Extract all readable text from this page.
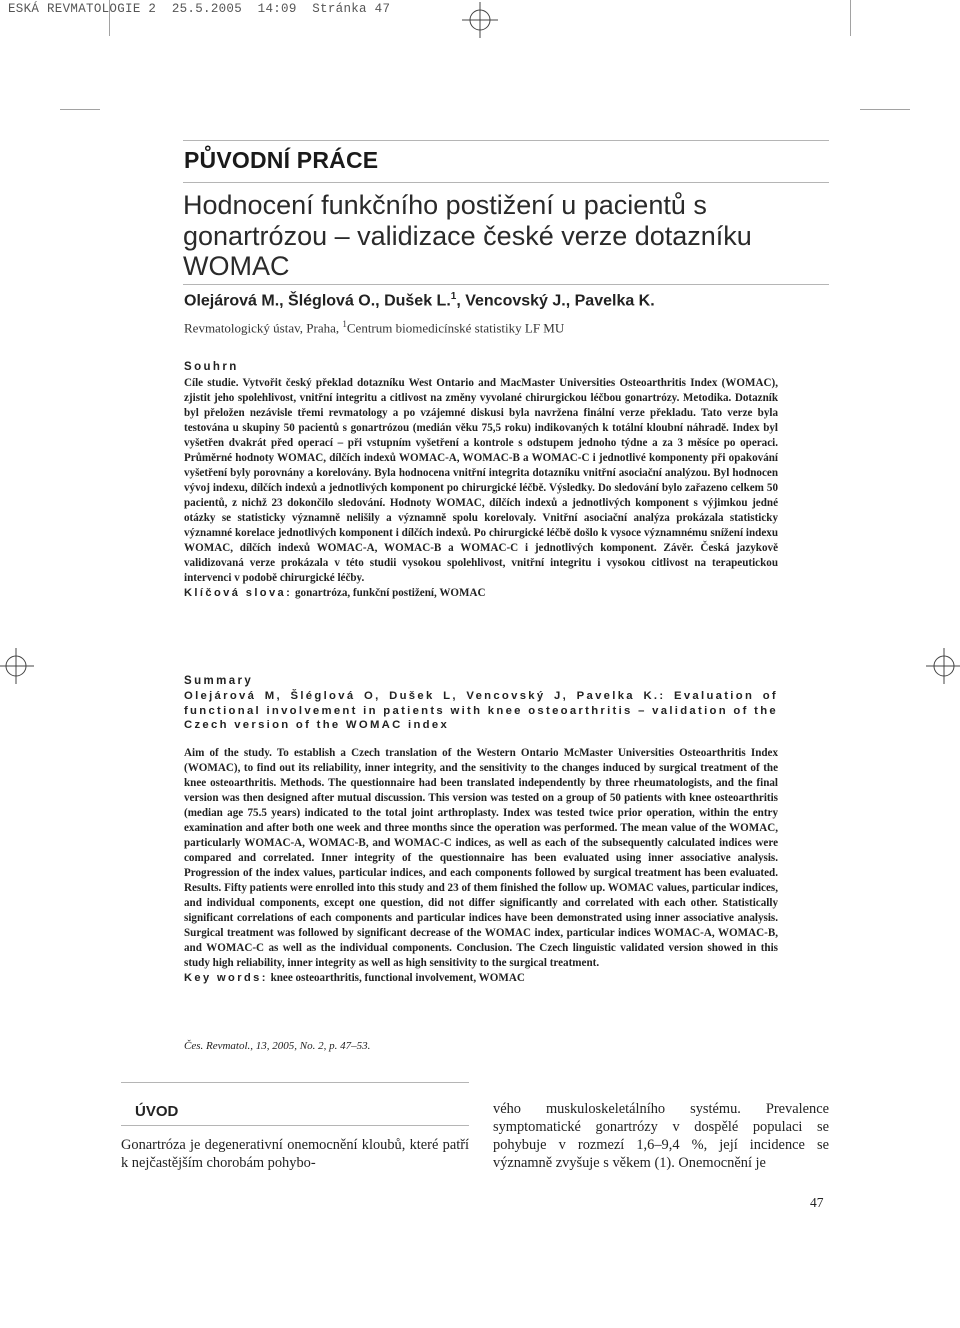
ESKÁ REVMATOLOGIE 2  25.5.2005  14:09  Stránka 47
PŮVODNÍ PRÁCE
Hodnocení funkčního postižení u pacientů s gonartrózou – validizace české verze dotazníku WOMAC
Olejárová M., Šléglová O., Dušek L.$^1$, Vencovský J., Pavelka K.
Revmatologický ústav, Praha, $^1$Centrum biomedicínské statistiky LF MU
Souhrn

Cíle studie. Vytvořit český překlad dotazníku West Ontario and MacMaster Universities Osteoarthritis Index (WOMAC), zjistit jeho spolehlivost, vnitřní integritu a citlivost na změny vyvolané chirurgickou léčbou gonartrózy. Metodika. Dotazník byl přeložen nezávisle třemi revmatology a po vzájemné diskusi byla navržena finální verze překladu. Tato verze byla testována u skupiny 50 pacientů s gonartrózou (medián věku 75,5 roku) indikovaných k totální kloubní náhradě. Index byl vyšetřen dvakrát před operací – při vstupním vyšetření a kontrole s odstupem jednoho týdne a za 3 měsíce po operaci. Průměrné hodnoty WOMAC, dílčích indexů WOMAC-A, WOMAC-B a WOMAC-C i jednotlivé komponenty při opakování vyšetření byly porovnány a korelovány. Byla hodnocena vnitřní integrita dotazníku vnitřní asociační analýzou. Byl hodnocen vývoj indexu, dílčích indexů a jednotlivých komponent po chirurgické léčbě. Výsledky. Do sledování bylo zařazeno celkem 50 pacientů, z nichž 23 dokončilo sledování. Hodnoty WOMAC, dílčích indexů a jednotlivých komponent s výjimkou jedné otázky se statisticky významně nelišily a významně spolu korelovaly. Vnitřní asociační analýza prokázala statisticky významné korelace jednotlivých komponent i dílčích indexů. Po chirurgické léčbě došlo k vysoce významnému snížení indexu WOMAC, dílčích indexů WOMAC-A, WOMAC-B a WOMAC-C i jednotlivých komponent. Závěr. Česká jazykově validizovaná verze prokázala v této studii vysokou spolehlivost, vnitřní integritu i vysokou citlivost na terapeutickou intervenci v podobě chirurgické léčby.

Klíčová slova: gonartróza, funkční postižení, WOMAC

Summary
Olejárová M, Šléglová O, Dušek L, Vencovský J, Pavelka K.: Evaluation of functional involvement in patients with knee osteoarthritis – validation of the Czech version of the WOMAC index

Aim of the study. To establish a Czech translation of the Western Ontario McMaster Universities Osteoarthritis Index (WOMAC), to find out its reliability, inner integrity, and the sensitivity to the changes induced by surgical treatment of the knee osteoarthritis. Methods. The questionnaire had been translated independently by three rheumatologists, and the final version was then designed after mutual discussion. This version was tested on a group of 50 patients with knee osteoarthritis (median age 75.5 years) indicated to the total joint arthroplasty. Index was tested twice prior operation, within the entry examination and after both one week and three months since the operation was performed. The mean value of the WOMAC, particularly WOMAC-A, WOMAC-B, and WOMAC-C indices, as well as each of the subsequently calculated indices were compared and correlated. Inner integrity of the questionnaire has been evaluated using inner associative analysis. Progression of the index values, particular indices, and each components followed by surgical treatment has been evaluated. Results. Fifty patients were enrolled into this study and 23 of them finished the follow up. WOMAC values, particular indices, and individual components, except one question, did not differ significantly and correlated with each other. Statistically significant correlations of each components and particular indices have been demonstrated using inner associative analysis. Surgical treatment was followed by significant decrease of the WOMAC index, particular indices WOMAC-A, WOMAC-B, and WOMAC-C as well as the individual components. Conclusion. The Czech linguistic validated version showed in this study high reliability, inner integrity as well as high sensitivity to the surgical treatment.

Key words: knee osteoarthritis, functional involvement, WOMAC

Čes. Revmatol., 13, 2005, No. 2, p. 47–53.
ÚVOD
Gonartróza je degenerativní onemocnění kloubů, které patří k nejčastějším chorobám pohybo-
vého muskuloskeletálního systému. Prevalence symptomatické gonartrózy v dospělé populaci se pohybuje v rozmezí 1,6–9,4 %, její incidence se významně zvyšuje s věkem (1). Onemocnění je
47
